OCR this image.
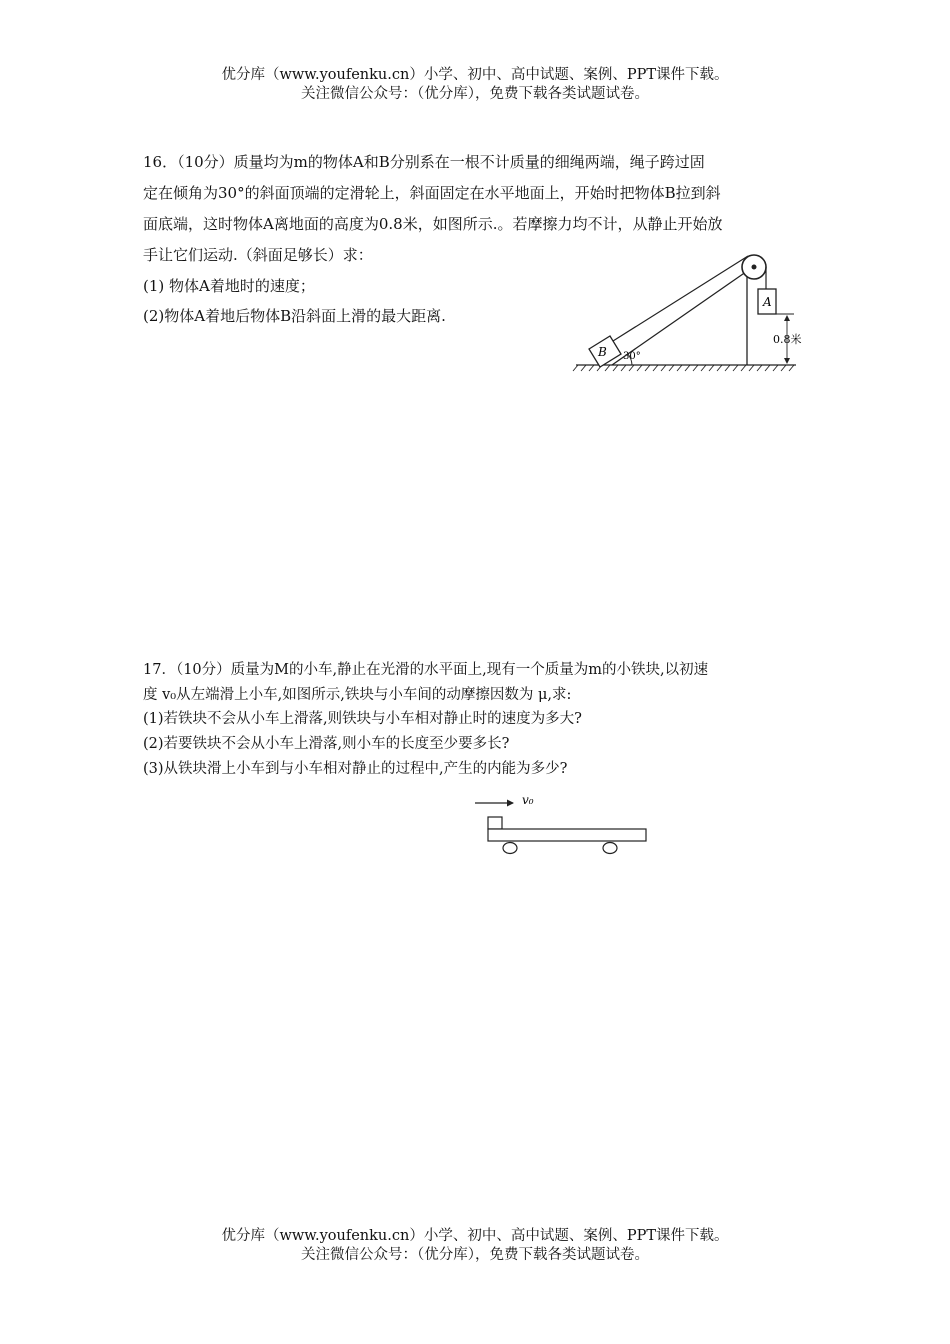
优分库（www.youfenku.cn）小学、初中、高中试题、案例、PPT课件下载。
关注微信公众号：（优分库），免费下载各类试题试卷。
16．（10分）质量均为m的物体A和B分别系在一根不计质量的细绳两端，绳子跨过固
定在倾角为30°的斜面顶端的定滑轮上，斜面固定在水平地面上，开始时把物体B拉到斜
面底端，这时物体A离地面的高度为0.8米，如图所示.。若摩擦力均不计，从静止开始放
手让它们运动.（斜面足够长）求：
(1) 物体A着地时的速度；
(2)物体A着地后物体B沿斜面上滑的最大距离.
B 30°
A
0.8米
17．（10分）质量为M的小车,静止在光滑的水平面上,现有一个质量为m的小铁块,以初速
度 v₀从左端滑上小车,如图所示,铁块与小车间的动摩擦因数为 μ,求:
(1)若铁块不会从小车上滑落,则铁块与小车相对静止时的速度为多大?
(2)若要铁块不会从小车上滑落,则小车的长度至少要多长?
(3)从铁块滑上小车到与小车相对静止的过程中,产生的内能为多少?
v₀
优分库（www.youfenku.cn）小学、初中、高中试题、案例、PPT课件下载。
关注微信公众号：（优分库），免费下载各类试题试卷。
